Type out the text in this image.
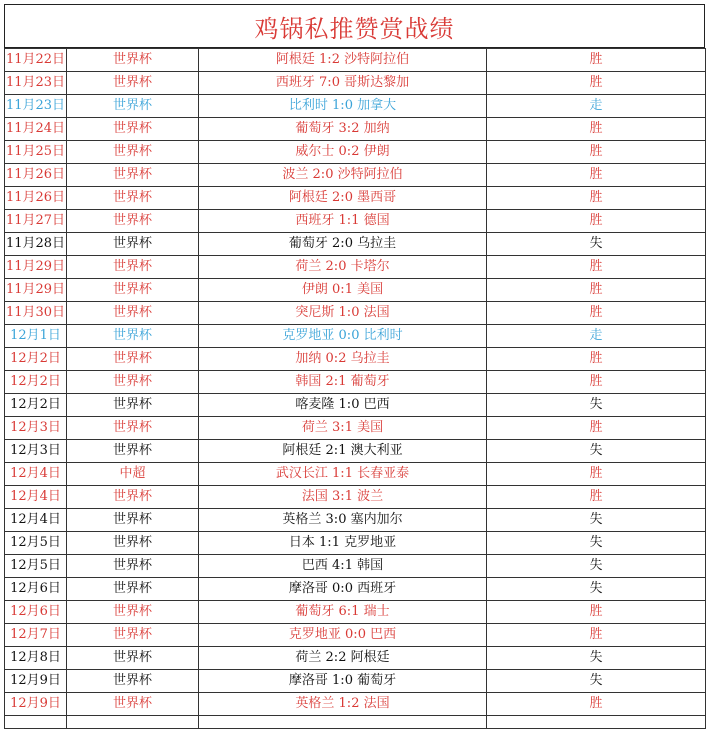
鸡锅私推赞赏战绩
11月22日	世界杯	阿根廷 1:2 沙特阿拉伯	胜
11月23日	世界杯	西班牙 7:0 哥斯达黎加	胜
11月23日	世界杯	比利时 1:0 加拿大	走
11月24日	世界杯	葡萄牙 3:2 加纳	胜
11月25日	世界杯	威尔士 0:2 伊朗	胜
11月26日	世界杯	波兰 2:0 沙特阿拉伯	胜
11月26日	世界杯	阿根廷 2:0 墨西哥	胜
11月27日	世界杯	西班牙 1:1 德国	胜
11月28日	世界杯	葡萄牙 2:0 乌拉圭	失
11月29日	世界杯	荷兰 2:0 卡塔尔	胜
11月29日	世界杯	伊朗 0:1 美国	胜
11月30日	世界杯	突尼斯 1:0 法国	胜
12月1日	世界杯	克罗地亚 0:0 比利时	走
12月2日	世界杯	加纳 0:2 乌拉圭	胜
12月2日	世界杯	韩国 2:1 葡萄牙	胜
12月2日	世界杯	喀麦隆 1:0 巴西	失
12月3日	世界杯	荷兰 3:1 美国	胜
12月3日	世界杯	阿根廷 2:1 澳大利亚	失
12月4日	中超	武汉长江 1:1 长春亚泰	胜
12月4日	世界杯	法国 3:1 波兰	胜
12月4日	世界杯	英格兰 3:0 塞内加尔	失
12月5日	世界杯	日本 1:1 克罗地亚	失
12月5日	世界杯	巴西 4:1 韩国	失
12月6日	世界杯	摩洛哥 0:0 西班牙	失
12月6日	世界杯	葡萄牙 6:1 瑞士	胜
12月7日	世界杯	克罗地亚 0:0 巴西	胜
12月8日	世界杯	荷兰 2:2 阿根廷	失
12月9日	世界杯	摩洛哥 1:0 葡萄牙	失
12月9日	世界杯	英格兰 1:2 法国	胜
